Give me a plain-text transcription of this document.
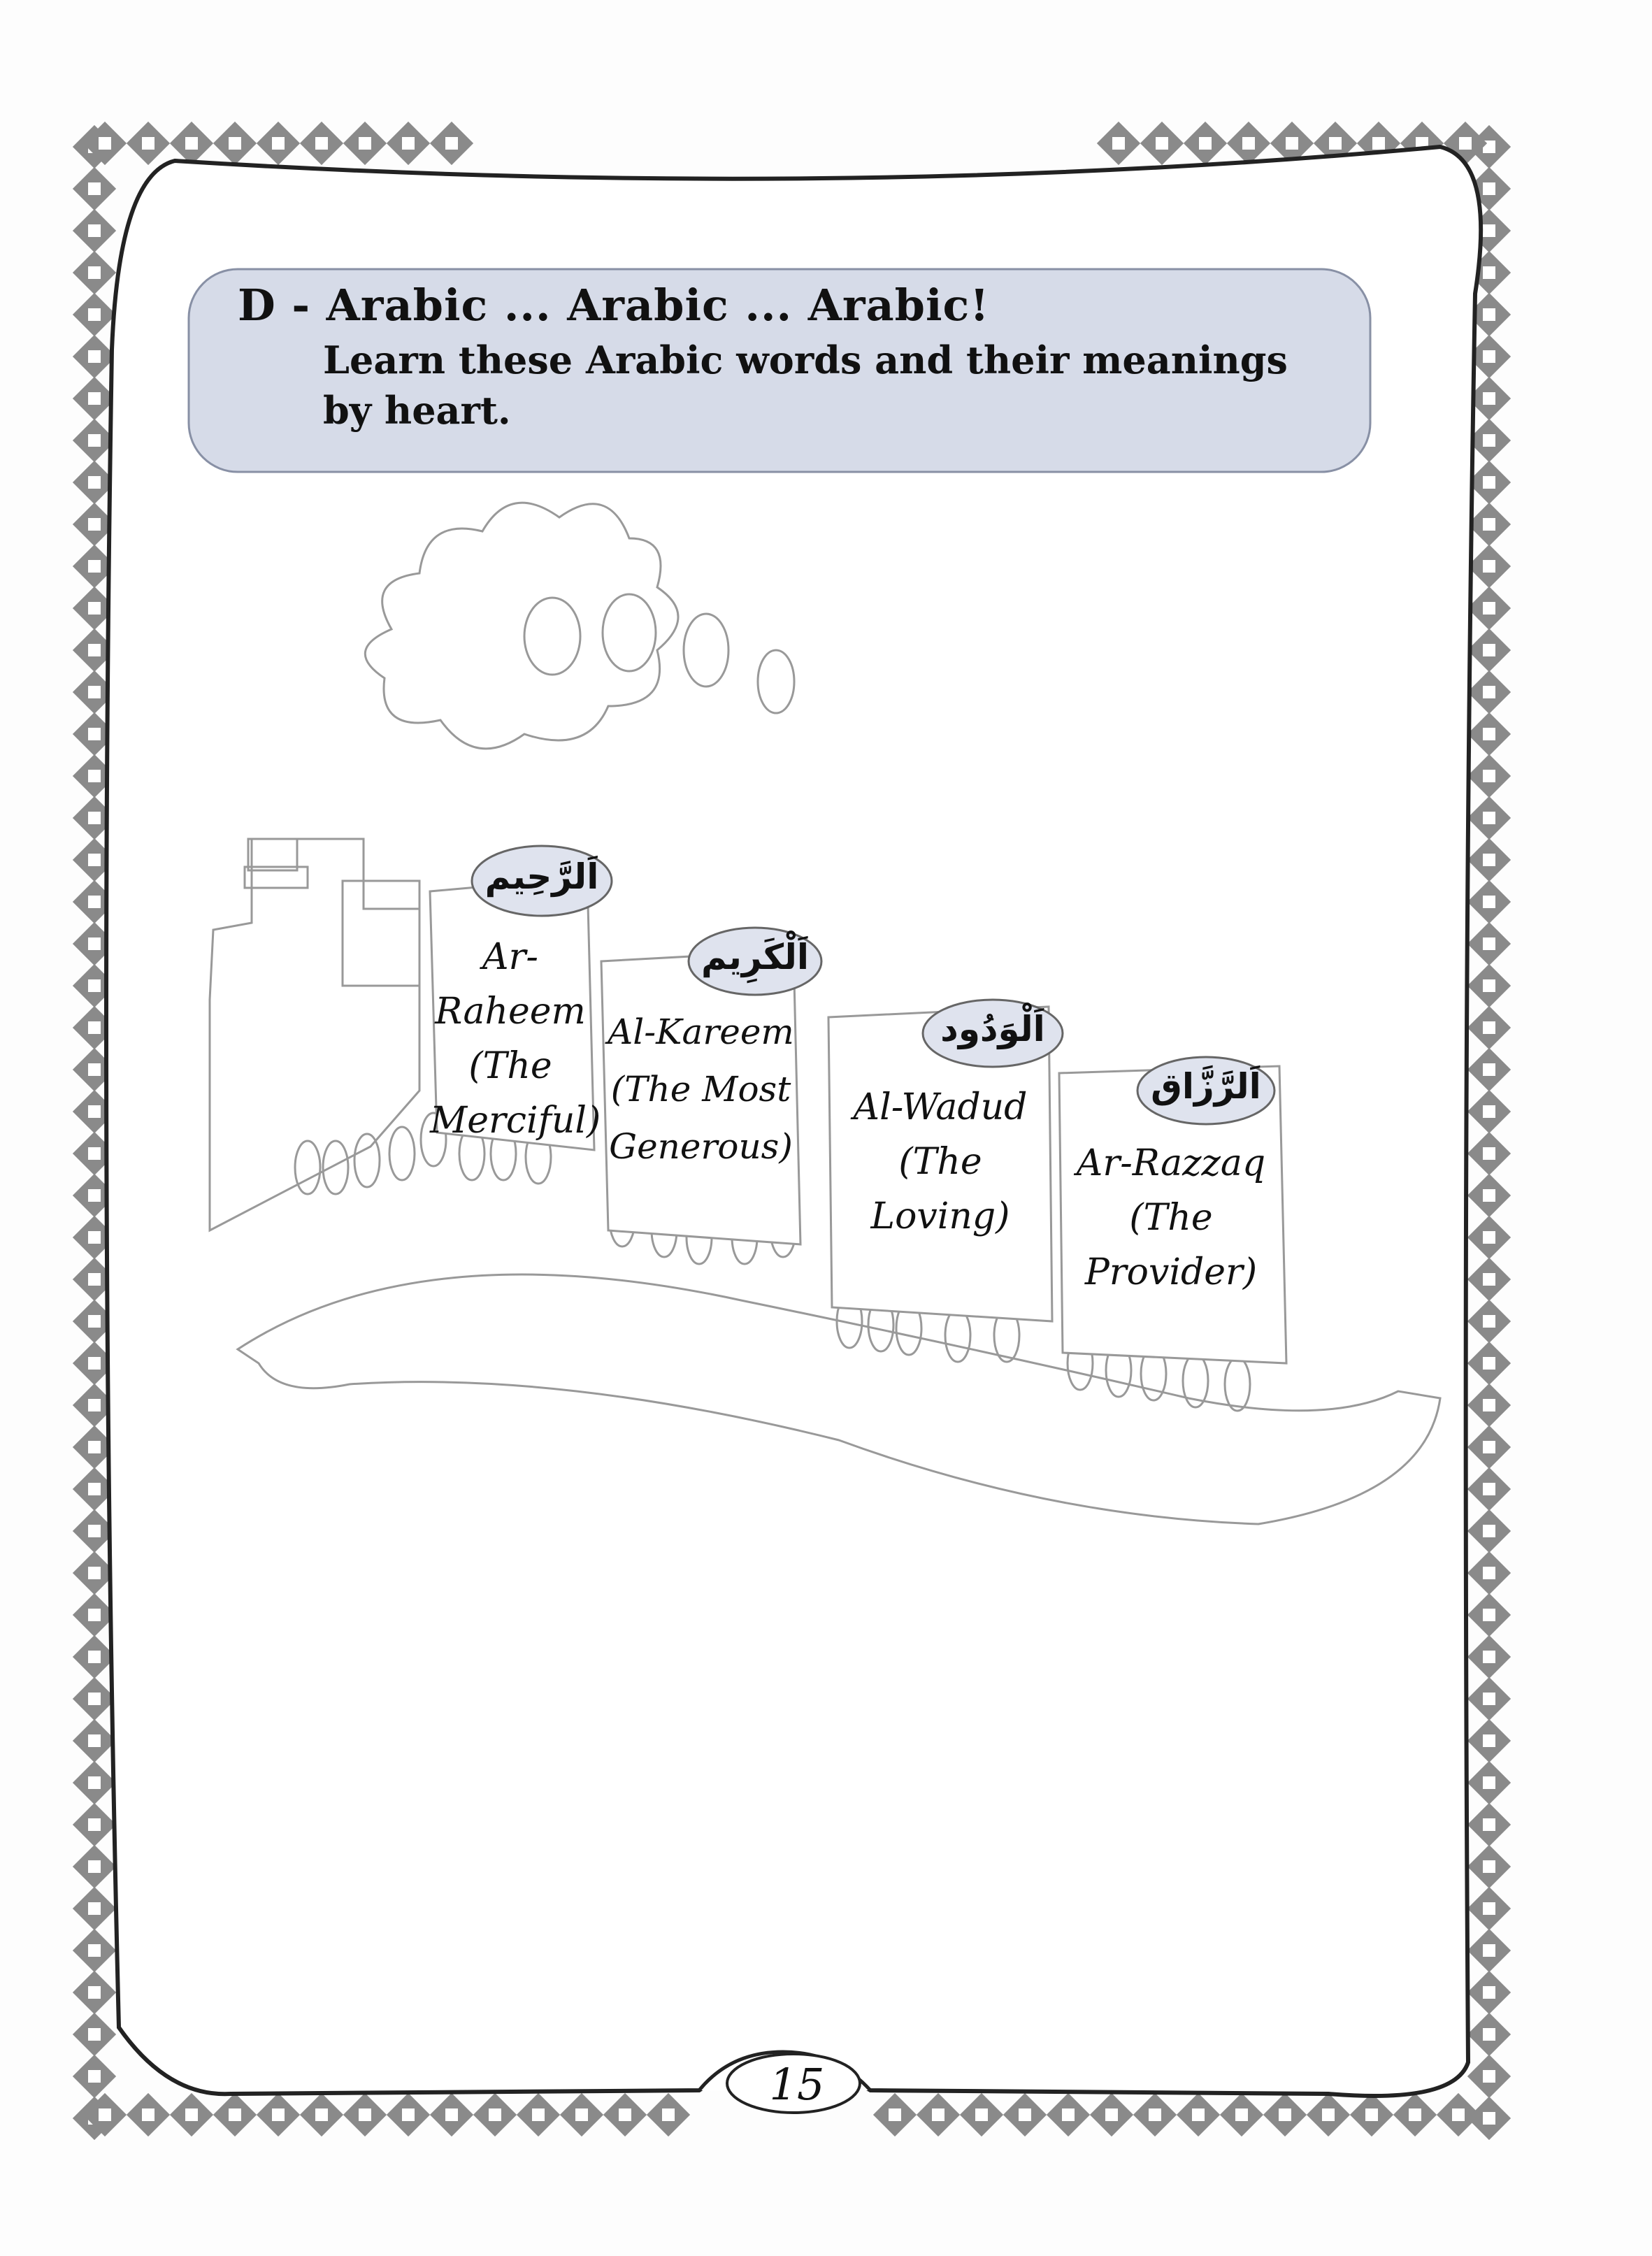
D - Arabic ... Arabic ... Arabic!
Learn these Arabic words and their meanings
by heart.
اَلرَّحِيم
اَلْكَرِيم
اَلْوَدُود
اَلرَّزَّاق
Ar-
Raheem
(The
Merciful)
Al-Kareem
(The Most
Generous)
Al-Wadud
(The
Loving)
Ar-Razzaq
(The
Provider)
15
